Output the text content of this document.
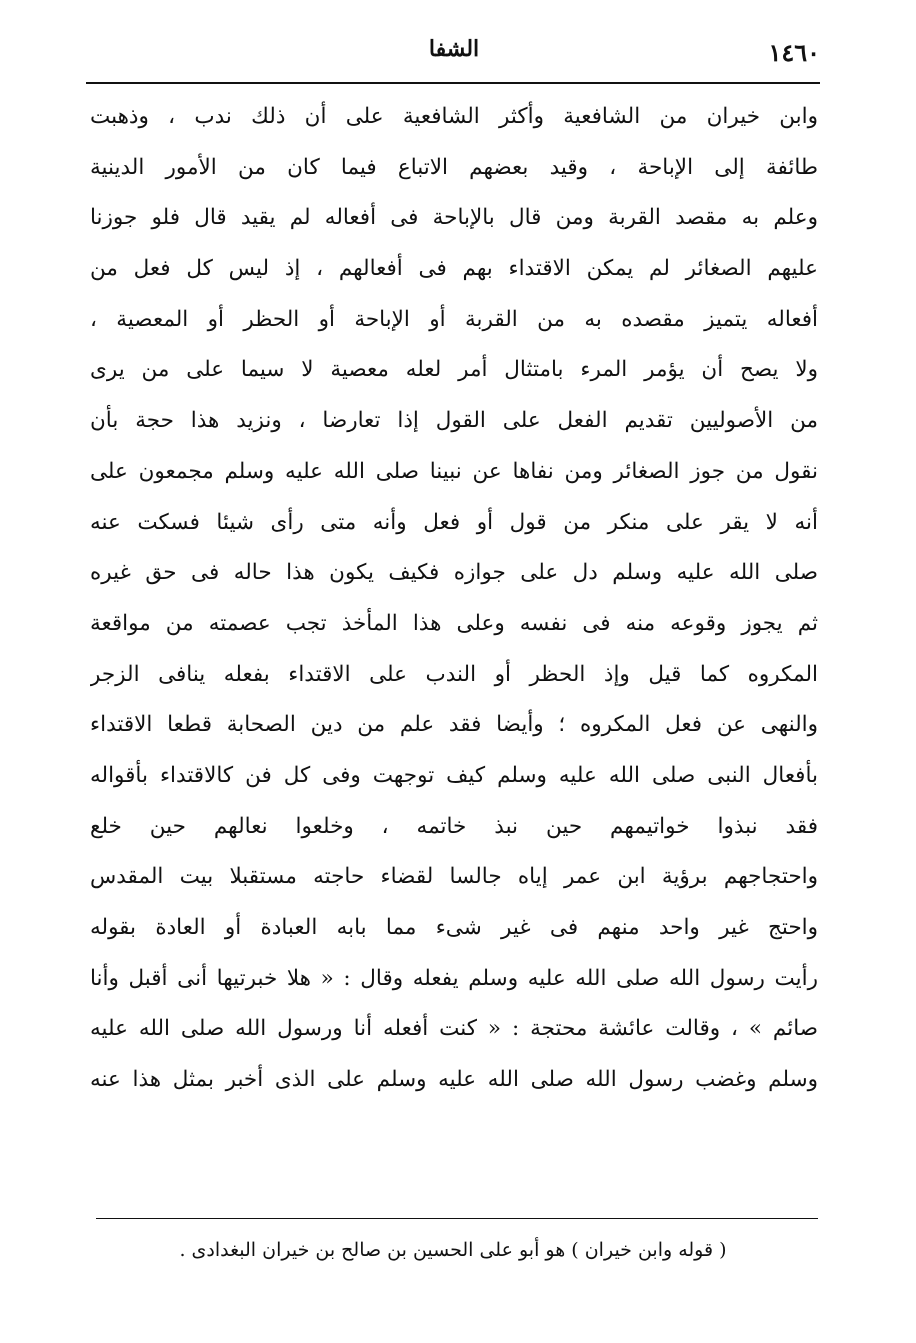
١٤٦٠
الشفا
وابن خيران من الشافعية وأكثر الشافعية على أن ذلك ندب ، وذهبت
طائفة إلى الإباحة ، وقيد بعضهم الاتباع فيما كان من الأمور الدينية
وعلم به مقصد القربة ومن قال بالإباحة فى أفعاله لم يقيد قال فلو جوزنا
عليهم الصغائر لم يمكن الاقتداء بهم فى أفعالهم ، إذ ليس كل فعل من
أفعاله يتميز مقصده به من القربة أو الإباحة أو الحظر أو المعصية ،
ولا يصح أن يؤمر المرء بامتثال أمر لعله معصية لا سيما على من يرى
من الأصوليين تقديم الفعل على القول إذا تعارضا ، ونزيد هذا حجة بأن
نقول من جوز الصغائر ومن نفاها عن نبينا صلى الله عليه وسلم مجمعون على
أنه لا يقر على منكر من قول أو فعل وأنه متى رأى شيئا فسكت عنه
صلى الله عليه وسلم دل على جوازه فكيف يكون هذا حاله فى حق غيره
ثم يجوز وقوعه منه فى نفسه وعلى هذا المأخذ تجب عصمته من مواقعة
المكروه كما قيل وإذ الحظر أو الندب على الاقتداء بفعله ينافى الزجر
والنهى عن فعل المكروه ؛ وأيضا فقد علم من دين الصحابة قطعا الاقتداء
بأفعال النبى صلى الله عليه وسلم كيف توجهت وفى كل فن كالاقتداء بأقواله
فقد نبذوا خواتيمهم حين نبذ خاتمه ، وخلعوا نعالهم حين خلع
واحتجاجهم برؤية ابن عمر إياه جالسا لقضاء حاجته مستقبلا بيت المقدس
واحتج غير واحد منهم فى غير شىء مما بابه العبادة أو العادة بقوله
رأيت رسول الله صلى الله عليه وسلم يفعله وقال : « هلا خبرتيها أنى أقبل وأنا
صائم » ، وقالت عائشة محتجة : « كنت أفعله أنا ورسول الله صلى الله عليه
وسلم وغضب رسول الله صلى الله عليه وسلم على الذى أخبر بمثل هذا عنه
( قوله وابن خيران ) هو أبو على الحسين بن صالح بن خيران البغدادى .
